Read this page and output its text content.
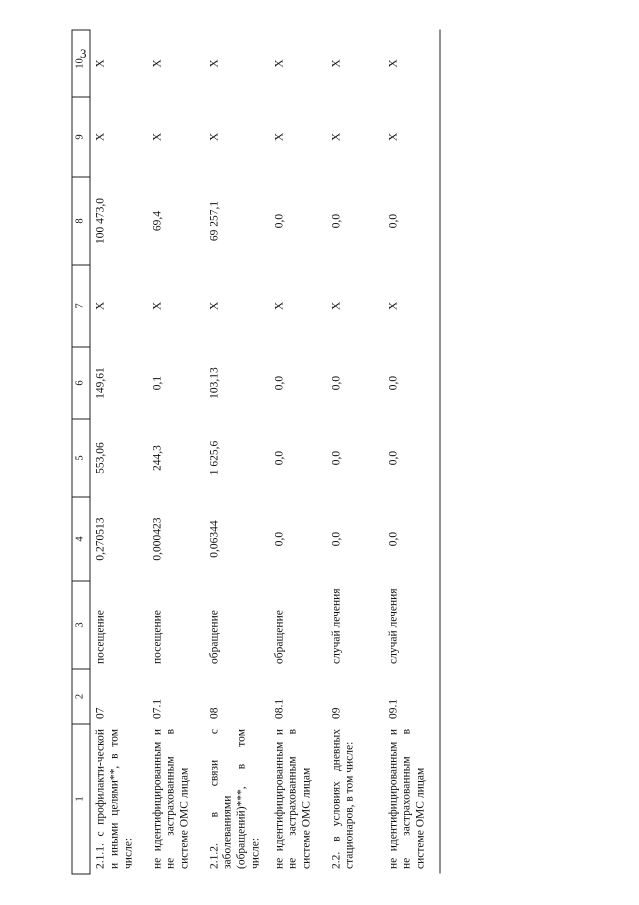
3
1	2	3	4	5	6	7	8	9	10
2.1.1. с профилакти-ческой и иными целями**, в том числе:	07	посещение	0,270513	553,06	149,61	X	100 473,0	X	X
не идентифицированным и не застрахованным в системе ОМС лицам	07.1	посещение	0,000423	244,3	0,1	X	69,4	X	X
2.1.2. в связи с заболеваниями (обращений)***, в том числе:	08	обращение	0,06344	1 625,6	103,13	X	69 257,1	X	X
не идентифицированным и не застрахованным в системе ОМС лицам	08.1	обращение	0,0	0,0	0,0	X	0,0	X	X
2.2. в условиях дневных стационаров, в том числе:	09	случай лечения	0,0	0,0	0,0	X	0,0	X	X
не идентифицированным и не застрахованным в системе ОМС лицам	09.1	случай лечения	0,0	0,0	0,0	X	0,0	X	X
